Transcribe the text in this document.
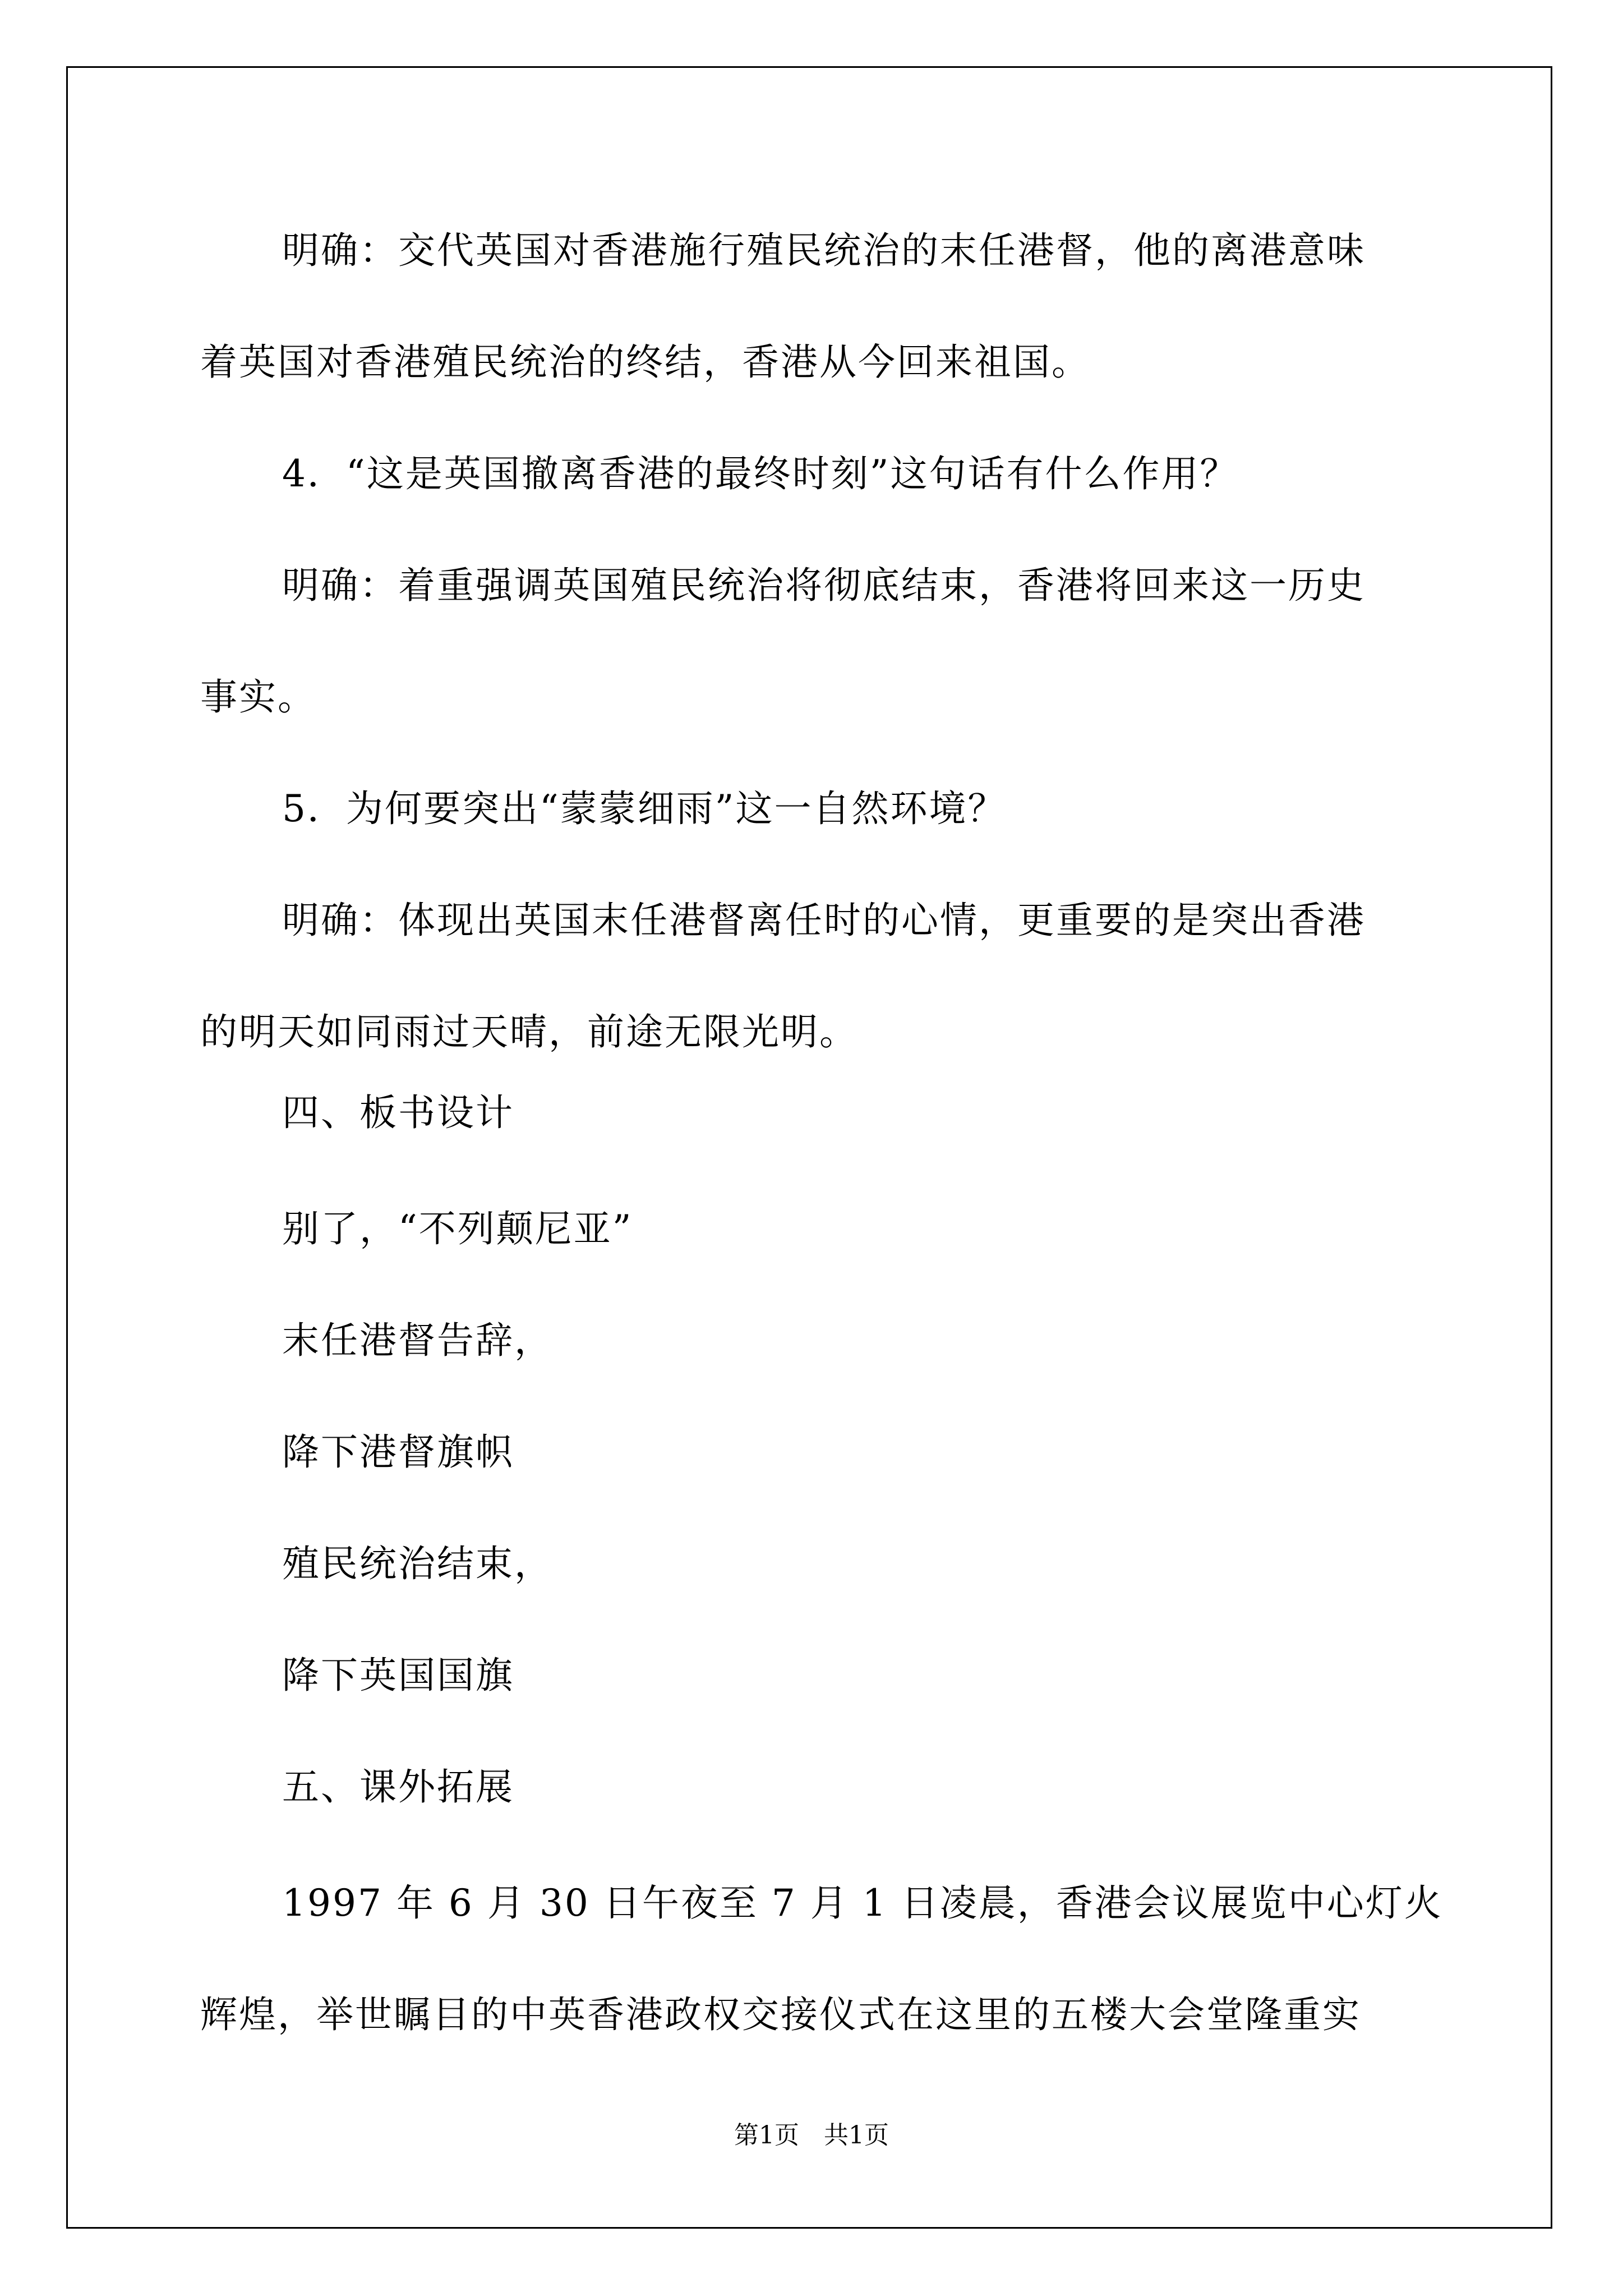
明确：交代英国对香港施行殖民统治的末任港督，他的离港意味

着英国对香港殖民统治的终结，香港从今回来祖国。

4．“这是英国撤离香港的最终时刻”这句话有什么作用？

明确：着重强调英国殖民统治将彻底结束，香港将回来这一历史

事实。

5．为何要突出“蒙蒙细雨”这一自然环境？

明确：体现出英国末任港督离任时的心情，更重要的是突出香港

的明天如同雨过天晴，前途无限光明。

四、板书设计

别了，“不列颠尼亚”

末任港督告辞，

降下港督旗帜

殖民统治结束，

降下英国国旗

五、课外拓展

1997 年 6 月 30 日午夜至 7 月 1 日凌晨，香港会议展览中心灯火

辉煌，举世瞩目的中英香港政权交接仪式在这里的五楼大会堂隆重实

第1页　共1页
